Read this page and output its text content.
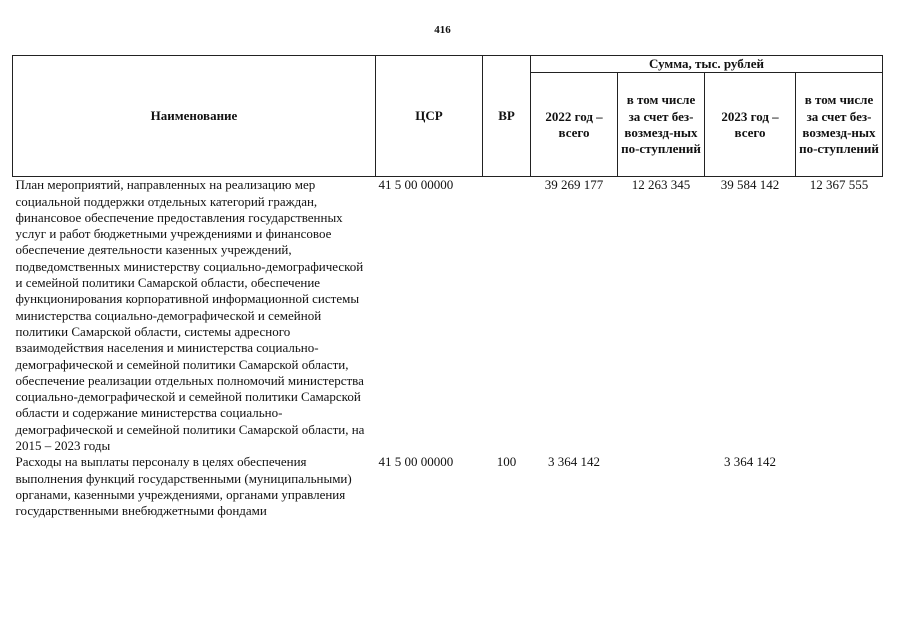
416
Наименование	ЦСР	ВР	Сумма, тыс. рублей			
			2022 год – всего	в том числе за счет без-возмезд-ных по-ступлений	2023 год – всего	в том числе за счет без-возмезд-ных по-ступлений
План мероприятий, направленных на реализацию мер социальной поддержки отдельных категорий граждан, финансовое обеспечение предоставления государственных услуг и работ бюджетными учреждениями и финансовое обеспечение деятельности казенных учреждений, подведомственных министерству социально-демографической и семейной политики Самарской области, обеспечение функционирования корпоративной информационной системы министерства социально-демографической и семейной политики Самарской области, системы адресного взаимодействия населения и министерства социально-демографической и семейной политики Самарской области, обеспечение реализации отдельных полномочий министерства социально-демографической и семейной политики Самарской области и содержание министерства социально-демографической и семейной политики Самарской области, на 2015 – 2023 годы	41 5 00 00000		39 269 177	12 263 345	39 584 142	12 367 555
Расходы на выплаты персоналу в целях обеспечения выполнения функций государственными (муниципальными) органами, казенными учреждениями, органами управления государственными внебюджетными фондами	41 5 00 00000	100	3 364 142		3 364 142	
